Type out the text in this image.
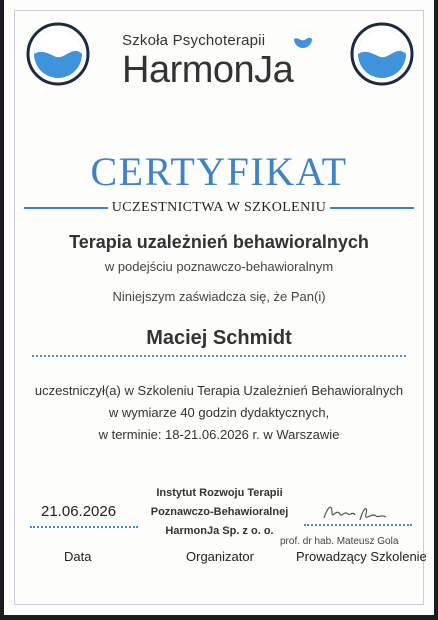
Szkoła Psychoterapii
HarmonJa
CERTYFIKAT
UCZESTNICTWA W SZKOLENIU
Terapia uzależnień behawioralnych
w podejściu poznawczo-behawioralnym
Niniejszym zaświadcza się, że Pan(i)
Maciej Schmidt
uczestniczył(a) w Szkoleniu Terapia Uzależnień Behawioralnych
w wymiarze 40 godzin dydaktycznych,
w terminie: 18-21.06.2026 r. w Warszawie
21.06.2026
Data
Instytut Rozwoju Terapii
Poznawczo-Behawioralnej
HarmonJa Sp. z o. o.
Organizator
prof. dr hab. Mateusz Gola
Prowadzący Szkolenie
